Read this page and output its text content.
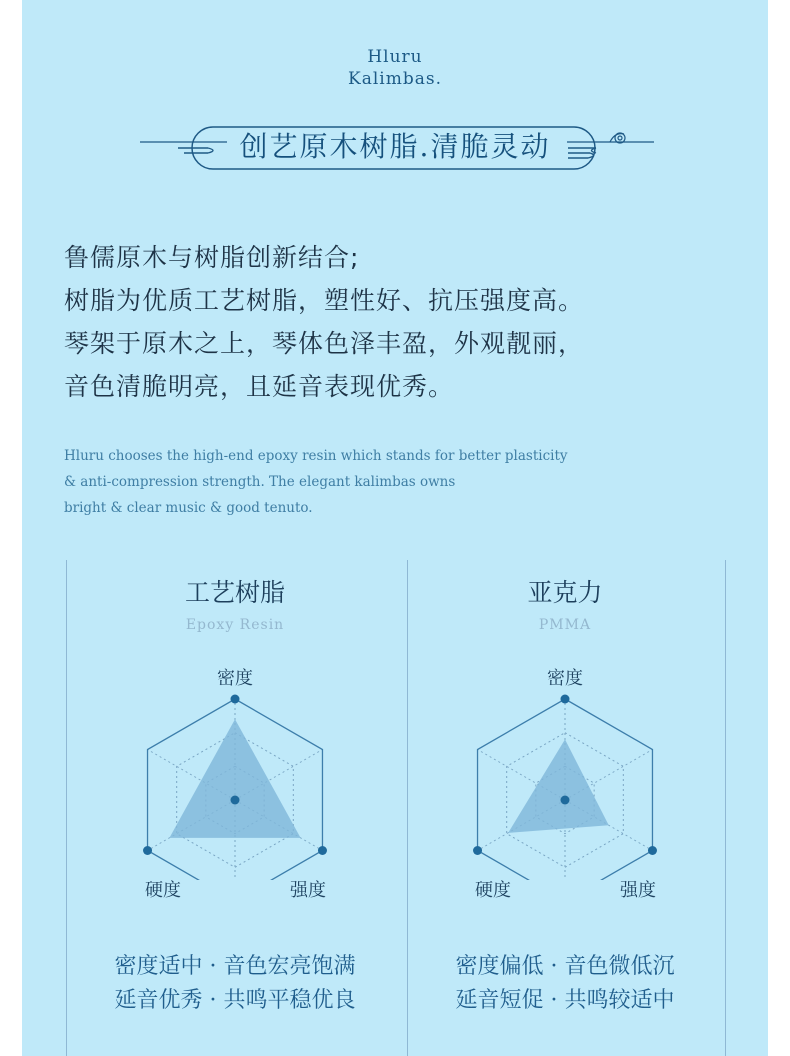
Hluru
Kalimbas.
创艺原木树脂.清脆灵动
鲁儒原木与树脂创新结合;
树脂为优质工艺树脂，塑性好、抗压强度高。
琴架于原木之上，琴体色泽丰盈，外观靓丽，
音色清脆明亮，且延音表现优秀。
Hluru chooses the high-end epoxy resin which stands for better plasticity
& anti-compression strength. The elegant kalimbas owns
bright & clear music & good tenuto.
工艺树脂
Epoxy Resin
密度
硬度	强度
密度适中 · 音色宏亮饱满
延音优秀 · 共鸣平稳优良
亚克力
PMMA
密度
硬度	强度
密度偏低 · 音色微低沉
延音短促 · 共鸣较适中
